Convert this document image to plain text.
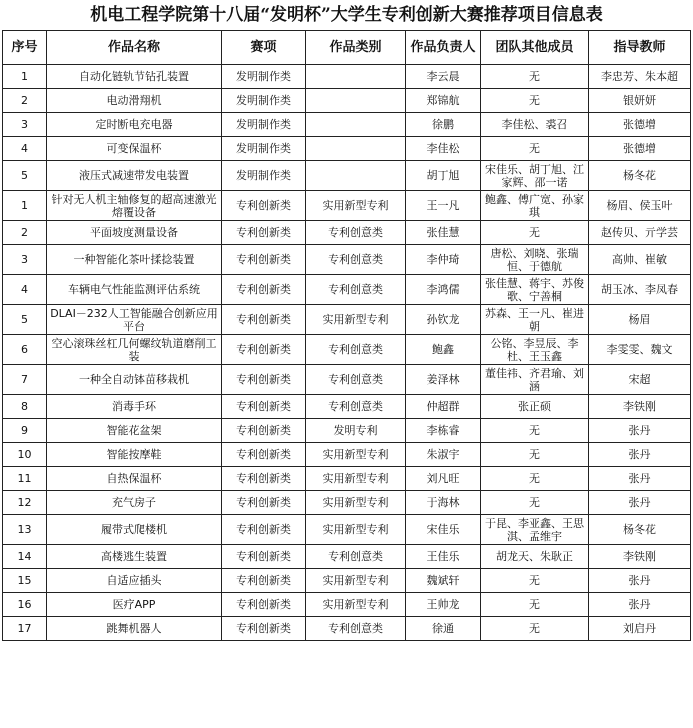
机电工程学院第十八届“发明杯”大学生专利创新大赛推荐项目信息表
序号	作品名称	赛项	作品类别	作品负责人	团队其他成员	指导教师
1	自动化链轨节钻孔装置	发明制作类		李云晨	无	李忠芳、朱本超
2	电动滑翔机	发明制作类		郑锦航	无	银妍妍
3	定时断电充电器	发明制作类		徐鹏	李佳松、裘召	张德增
4	可变保温杯	发明制作类		李佳松	无	张德增
5	液压式减速带发电装置	发明制作类		胡丁旭	宋佳乐、胡丁旭、江家辉、邵一诺	杨冬花
1	针对无人机主轴修复的超高速激光熔覆设备	专利创新类	实用新型专利	王一凡	鲍鑫、傅广宽、孙家琪	杨眉、侯玉叶
2	平面坡度测量设备	专利创新类	专利创意类	张佳慧	无	赵传贝、亓学芸
3	一种智能化茶叶揉捻装置	专利创新类	专利创意类	李仲琦	唐松、刘晓、张瑞恒、于德航	高帅、崔敏
4	车辆电气性能监测评估系统	专利创新类	专利创意类	李鸿儒	张佳慧、蒋宇、苏俊歌、宁善桐	胡玉冰、李凤春
5	DLAI－232人工智能融合创新应用平台	专利创新类	实用新型专利	孙钦龙	苏森、王一凡、崔进朝	杨眉
6	空心滚珠丝杠几何螺纹轨道磨削工装	专利创新类	专利创意类	鲍鑫	公铭、李昱辰、李杜、王玉鑫	李雯雯、魏文
7	一种全自动钵苗移栽机	专利创新类	专利创意类	姜泽林	董佳祎、齐君瑜、刘涵	宋超
8	消毒手环	专利创新类	专利创意类	仲超群	张正硕	李铁刚
9	智能花盆架	专利创新类	发明专利	李栋睿	无	张丹
10	智能按摩鞋	专利创新类	实用新型专利	朱淑宇	无	张丹
11	自热保温杯	专利创新类	实用新型专利	刘凡旺	无	张丹
12	充气房子	专利创新类	实用新型专利	于海林	无	张丹
13	履带式爬楼机	专利创新类	实用新型专利	宋佳乐	于昆、李亚鑫、王思淇、孟维宇	杨冬花
14	高楼逃生装置	专利创新类	专利创意类	王佳乐	胡龙天、朱耿正	李铁刚
15	自适应插头	专利创新类	实用新型专利	魏斌轩	无	张丹
16	医疗APP	专利创新类	实用新型专利	王帅龙	无	张丹
17	跳舞机器人	专利创新类	专利创意类	徐通	无	刘启丹
